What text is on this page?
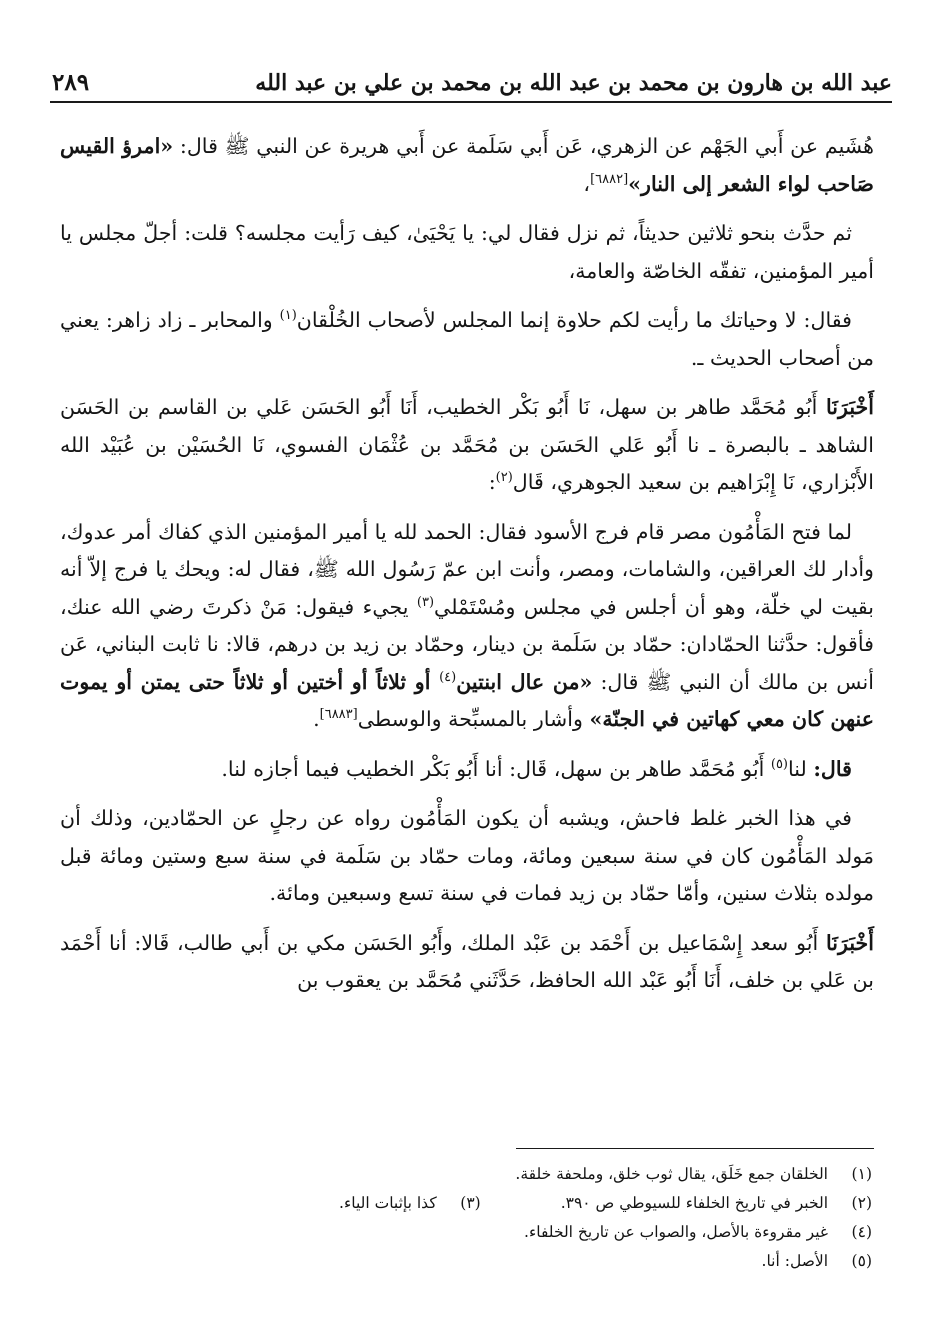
عبد الله بن هارون بن محمد بن عبد الله بن محمد بن علي بن عبد الله
٢٨٩

هُشَيم عن أَبي الجَهْم عن الزهري، عَن أَبي سَلَمة عن أَبي هريرة عن النبي ﷺ قال: «امرؤ القيس صَاحب لواء الشعر إلى النار»[٦٨٨٢]،

ثم حدَّث بنحو ثلاثين حديثاً، ثم نزل فقال لي: يا يَحْيَىٰ، كيف رَأيت مجلسه؟ قلت: أجلّ مجلس يا أمير المؤمنين، تفقّه الخاصّة والعامة،

فقال: لا وحياتك ما رأيت لكم حلاوة إنما المجلس لأصحاب الخُلْقان$^{(١)}$ والمحابر ـ زاد زاهر: يعني من أصحاب الحديث ـ.

أَخْبَرَنَا أَبُو مُحَمَّد طاهر بن سهل، نَا أَبُو بَكْر الخطيب، أَنَا أَبُو الحَسَن عَلي بن القاسم بن الحَسَن الشاهد ـ بالبصرة ـ نا أَبُو عَلي الحَسَن بن مُحَمَّد بن عُثْمَان الفسوي، نَا الحُسَيْن بن عُبَيْد الله الأَبْزاري، نَا إِبْرَاهيم بن سعيد الجوهري، قَال$^{(٢)}$:

لما فتح المَأْمُون مصر قام فرج الأسود فقال: الحمد لله يا أمير المؤمنين الذي كفاك أمر عدوك، وأدار لك العراقين، والشامات، ومصر، وأنت ابن عمّ رَسُول الله ﷺ، فقال له: ويحك يا فرج إلاّ أنه بقيت لي خلّة، وهو أن أجلس في مجلس ومُسْتَمْلي$^{(٣)}$ يجيء فيقول: مَنْ ذكرتَ رضي الله عنك، فأقول: حدَّثنا الحمّادان: حمّاد بن سَلَمة بن دينار، وحمّاد بن زيد بن درهم، قالا: نا ثابت البناني، عَن أنس بن مالك أن النبي ﷺ قال: «من عال ابنتين$^{(٤)}$ أو ثلاثاً أو أختين أو ثلاثاً حتى يمتن أو يموت عنهن كان معي كهاتين في الجنّة» وأشار بالمسبِّحة والوسطى[٦٨٨٣].

قال: لنا$^{(٥)}$ أَبُو مُحَمَّد طاهر بن سهل، قَال: أنا أَبُو بَكْر الخطيب فيما أجازه لنا.

في هذا الخبر غلط فاحش، ويشبه أن يكون المَأْمُون رواه عن رجلٍ عن الحمّادين، وذلك أن مَولد المَأْمُون كان في سنة سبعين ومائة، ومات حمّاد بن سَلَمة في سنة سبع وستين ومائة قبل مولده بثلاث سنين، وأمّا حمّاد بن زيد فمات في سنة تسع وسبعين ومائة.

أَخْبَرَنَا أَبُو سعد إِسْمَاعيل بن أَحْمَد بن عَبْد الملك، وأَبُو الحَسَن مكي بن أَبي طالب، قَالا: أنا أَحْمَد بن عَلي بن خلف، أَنَا أَبُو عَبْد الله الحافظ، حَدَّثَني مُحَمَّد بن يعقوب بن

(١)
الخلقان جمع خَلَق، يقال ثوب خلق، وملحفة خلقة.
(٢)
الخبر في تاريخ الخلفاء للسيوطي ص ٣٩٠.
(٣)
كذا بإثبات الياء.
(٤)
غير مقروءة بالأصل، والصواب عن تاريخ الخلفاء.
(٥)
الأصل: أنا.
